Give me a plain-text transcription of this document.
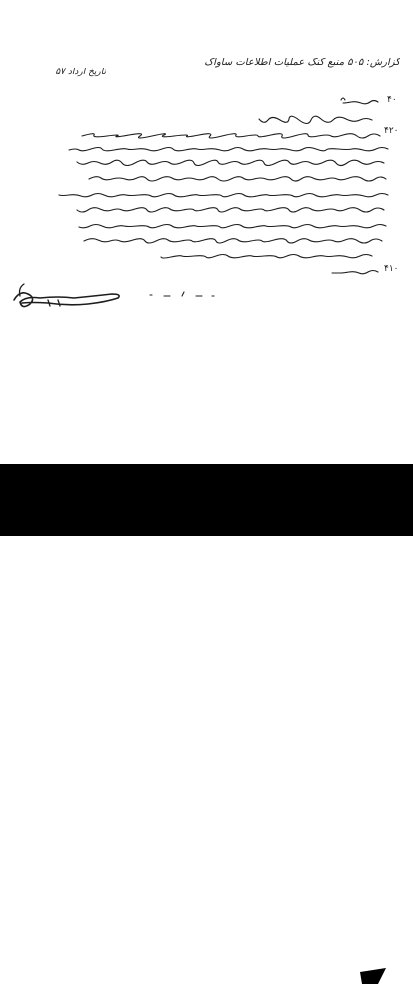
تاریخ ارداد ۵۷
گزارش: ۵۰۵ منبع کنگ عملیات اطلاعات ساواک
۴۰
۴۲۰
۴۱۰
مرکز بررسی اسناد تاریخی
historydocuments.ir
